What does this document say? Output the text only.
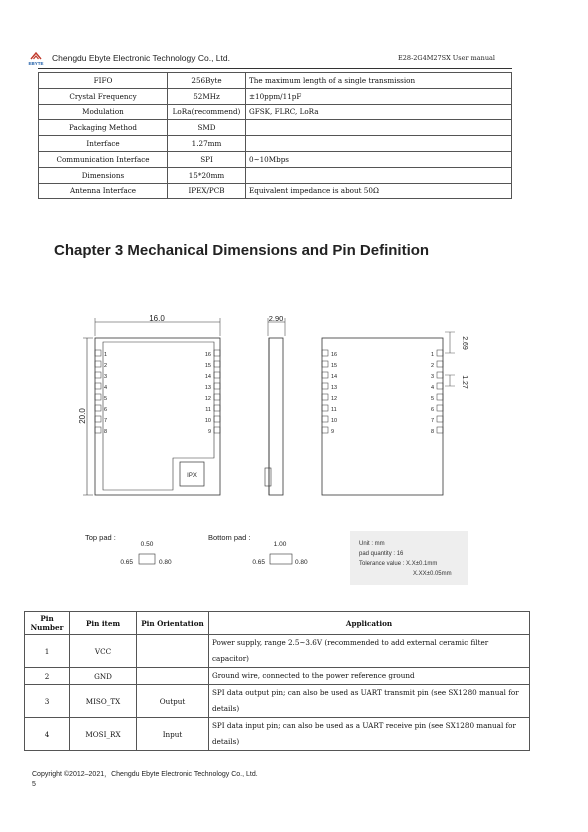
EBYTE
Chengdu Ebyte Electronic Technology Co., Ltd.	E28-2G4M27SX User manual
FIFO	256Byte	The maximum length of a single transmission
Crystal Frequency	52MHz	±10ppm/11pF
Modulation	LoRa(recommend)	GFSK, FLRC, LoRa
Packaging Method	SMD	
Interface	1.27mm	
Communication Interface	SPI	0~10Mbps
Dimensions	15*20mm	
Antenna Interface	IPEX/PCB	Equivalent impedance is about 50Ω
Chapter 3 Mechanical Dimensions and Pin Definition
16.0
20.0
IPX
1
2
3
4
5
6
7
8
16
15
14
13
12
11
10
9
2.90
16
15
14
13
12
11
10
9
1
2
3
4
5
6
7
8
2.69
1.27
Top pad :
0.50
0.65	0.80
Bottom pad :
1.00
0.65	0.80
Unit : mm
pad quantity : 16
Tolerance value : X.X±0.1mm
X.XX±0.05mm
Pin Number	Pin item	Pin Orientation	Application
1	VCC		Power supply, range 2.5~3.6V (recommended to add external ceramic filter capacitor)
2	GND		Ground wire, connected to the power reference ground
3	MISO_TX	Output	SPI data output pin; can also be used as UART transmit pin (see SX1280 manual for details)
4	MOSI_RX	Input	SPI data input pin; can also be used as a UART receive pin (see SX1280 manual for details)
Copyright ©2012–2021，Chengdu Ebyte Electronic Technology Co., Ltd.
5
